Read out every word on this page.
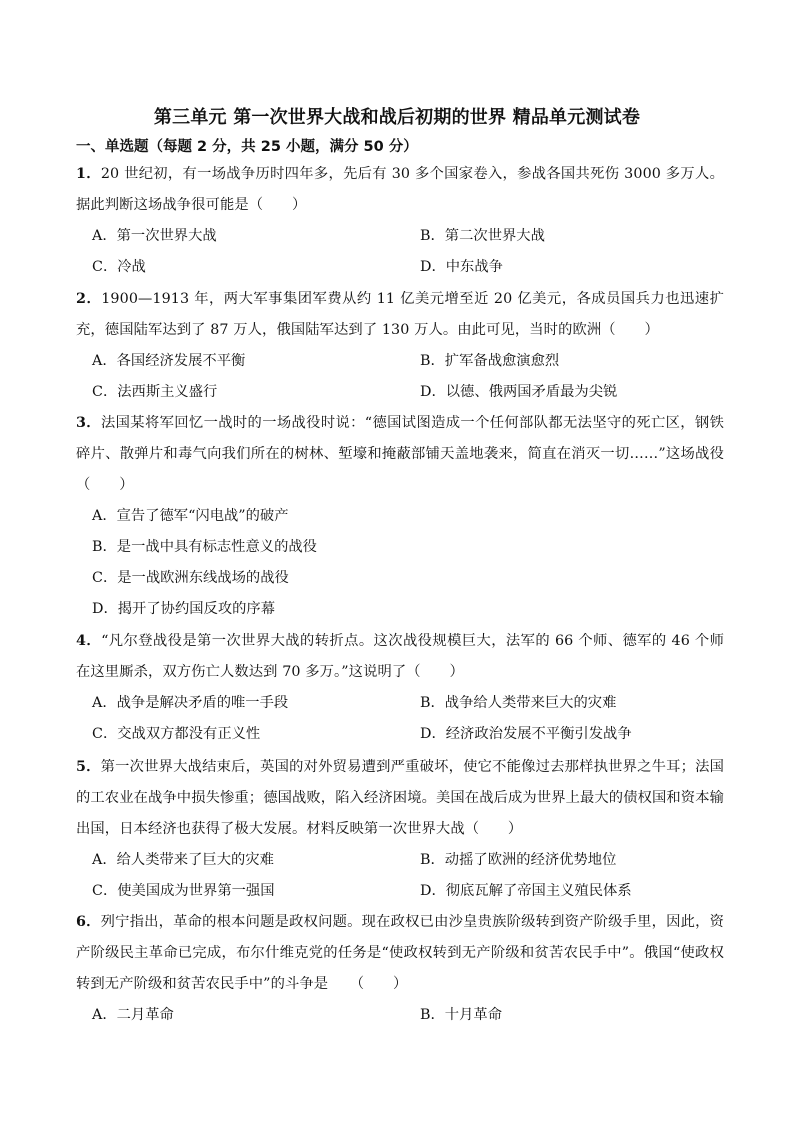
第三单元 第一次世界大战和战后初期的世界 精品单元测试卷
一、单选题（每题 2 分，共 25 小题，满分 50 分）
1．20 世纪初，有一场战争历时四年多，先后有 30 多个国家卷入，参战各国共死伤 3000 多万人。据此判断这场战争很可能是（　　）
A．第一次世界大战	B．第二次世界大战
C．冷战	D．中东战争
2．1900—1913 年，两大军事集团军费从约 11 亿美元增至近 20 亿美元，各成员国兵力也迅速扩充，德国陆军达到了 87 万人，俄国陆军达到了 130 万人。由此可见，当时的欧洲（　　）
A．各国经济发展不平衡	B．扩军备战愈演愈烈
C．法西斯主义盛行	D．以德、俄两国矛盾最为尖锐
3．法国某将军回忆一战时的一场战役时说：“德国试图造成一个任何部队都无法坚守的死亡区，钢铁碎片、散弹片和毒气向我们所在的树林、堑壕和掩蔽部铺天盖地袭来，简直在消灭一切……”这场战役（　　）
A．宣告了德军“闪电战”的破产
B．是一战中具有标志性意义的战役
C．是一战欧洲东线战场的战役
D．揭开了协约国反攻的序幕
4．“凡尔登战役是第一次世界大战的转折点。这次战役规模巨大，法军的 66 个师、德军的 46 个师在这里厮杀，双方伤亡人数达到 70 多万。”这说明了（　　）
A．战争是解决矛盾的唯一手段	B．战争给人类带来巨大的灾难
C．交战双方都没有正义性	D．经济政治发展不平衡引发战争
5．第一次世界大战结束后，英国的对外贸易遭到严重破坏，使它不能像过去那样执世界之牛耳；法国的工农业在战争中损失惨重；德国战败，陷入经济困境。美国在战后成为世界上最大的债权国和资本输出国，日本经济也获得了极大发展。材料反映第一次世界大战（　　）
A．给人类带来了巨大的灾难	B．动摇了欧洲的经济优势地位
C．使美国成为世界第一强国	D．彻底瓦解了帝国主义殖民体系
6．列宁指出，革命的根本问题是政权问题。现在政权已由沙皇贵族阶级转到资产阶级手里，因此，资产阶级民主革命已完成，布尔什维克党的任务是“使政权转到无产阶级和贫苦农民手中”。俄国“使政权转到无产阶级和贫苦农民手中”的斗争是　　（　　）
A．二月革命	B．十月革命
